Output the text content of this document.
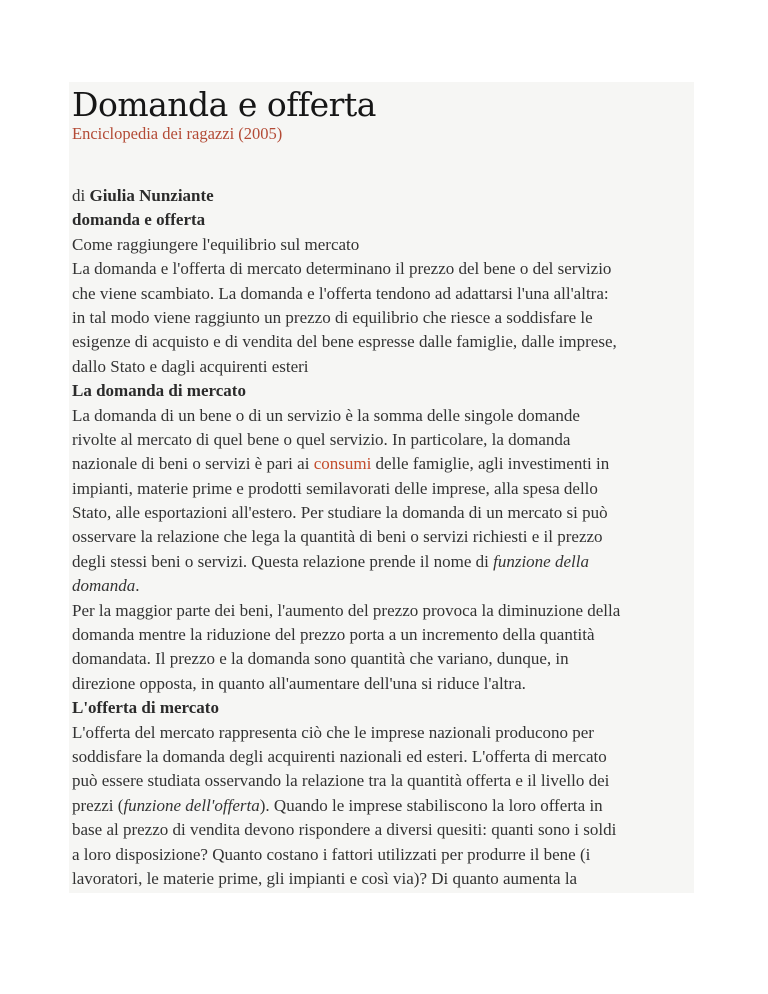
Domanda e offerta

Enciclopedia dei ragazzi (2005)

di Giulia Nunziante
domanda e offerta
Come raggiungere l'equilibrio sul mercato
La domanda e l'offerta di mercato determinano il prezzo del bene o del servizio
che viene scambiato. La domanda e l'offerta tendono ad adattarsi l'una all'altra:
in tal modo viene raggiunto un prezzo di equilibrio che riesce a soddisfare le
esigenze di acquisto e di vendita del bene espresse dalle famiglie, dalle imprese,
dallo Stato e dagli acquirenti esteri
La domanda di mercato
La domanda di un bene o di un servizio è la somma delle singole domande
rivolte al mercato di quel bene o quel servizio. In particolare, la domanda
nazionale di beni o servizi è pari ai consumi delle famiglie, agli investimenti in
impianti, materie prime e prodotti semilavorati delle imprese, alla spesa dello
Stato, alle esportazioni all'estero. Per studiare la domanda di un mercato si può
osservare la relazione che lega la quantità di beni o servizi richiesti e il prezzo
degli stessi beni o servizi. Questa relazione prende il nome di funzione della
domanda.
Per la maggior parte dei beni, l'aumento del prezzo provoca la diminuzione della
domanda mentre la riduzione del prezzo porta a un incremento della quantità
domandata. Il prezzo e la domanda sono quantità che variano, dunque, in
direzione opposta, in quanto all'aumentare dell'una si riduce l'altra.
L'offerta di mercato
L'offerta del mercato rappresenta ciò che le imprese nazionali producono per
soddisfare la domanda degli acquirenti nazionali ed esteri. L'offerta di mercato
può essere studiata osservando la relazione tra la quantità offerta e il livello dei
prezzi (funzione dell'offerta). Quando le imprese stabiliscono la loro offerta in
base al prezzo di vendita devono rispondere a diversi quesiti: quanti sono i soldi
a loro disposizione? Quanto costano i fattori utilizzati per produrre il bene (i
lavoratori, le materie prime, gli impianti e così via)? Di quanto aumenta la
